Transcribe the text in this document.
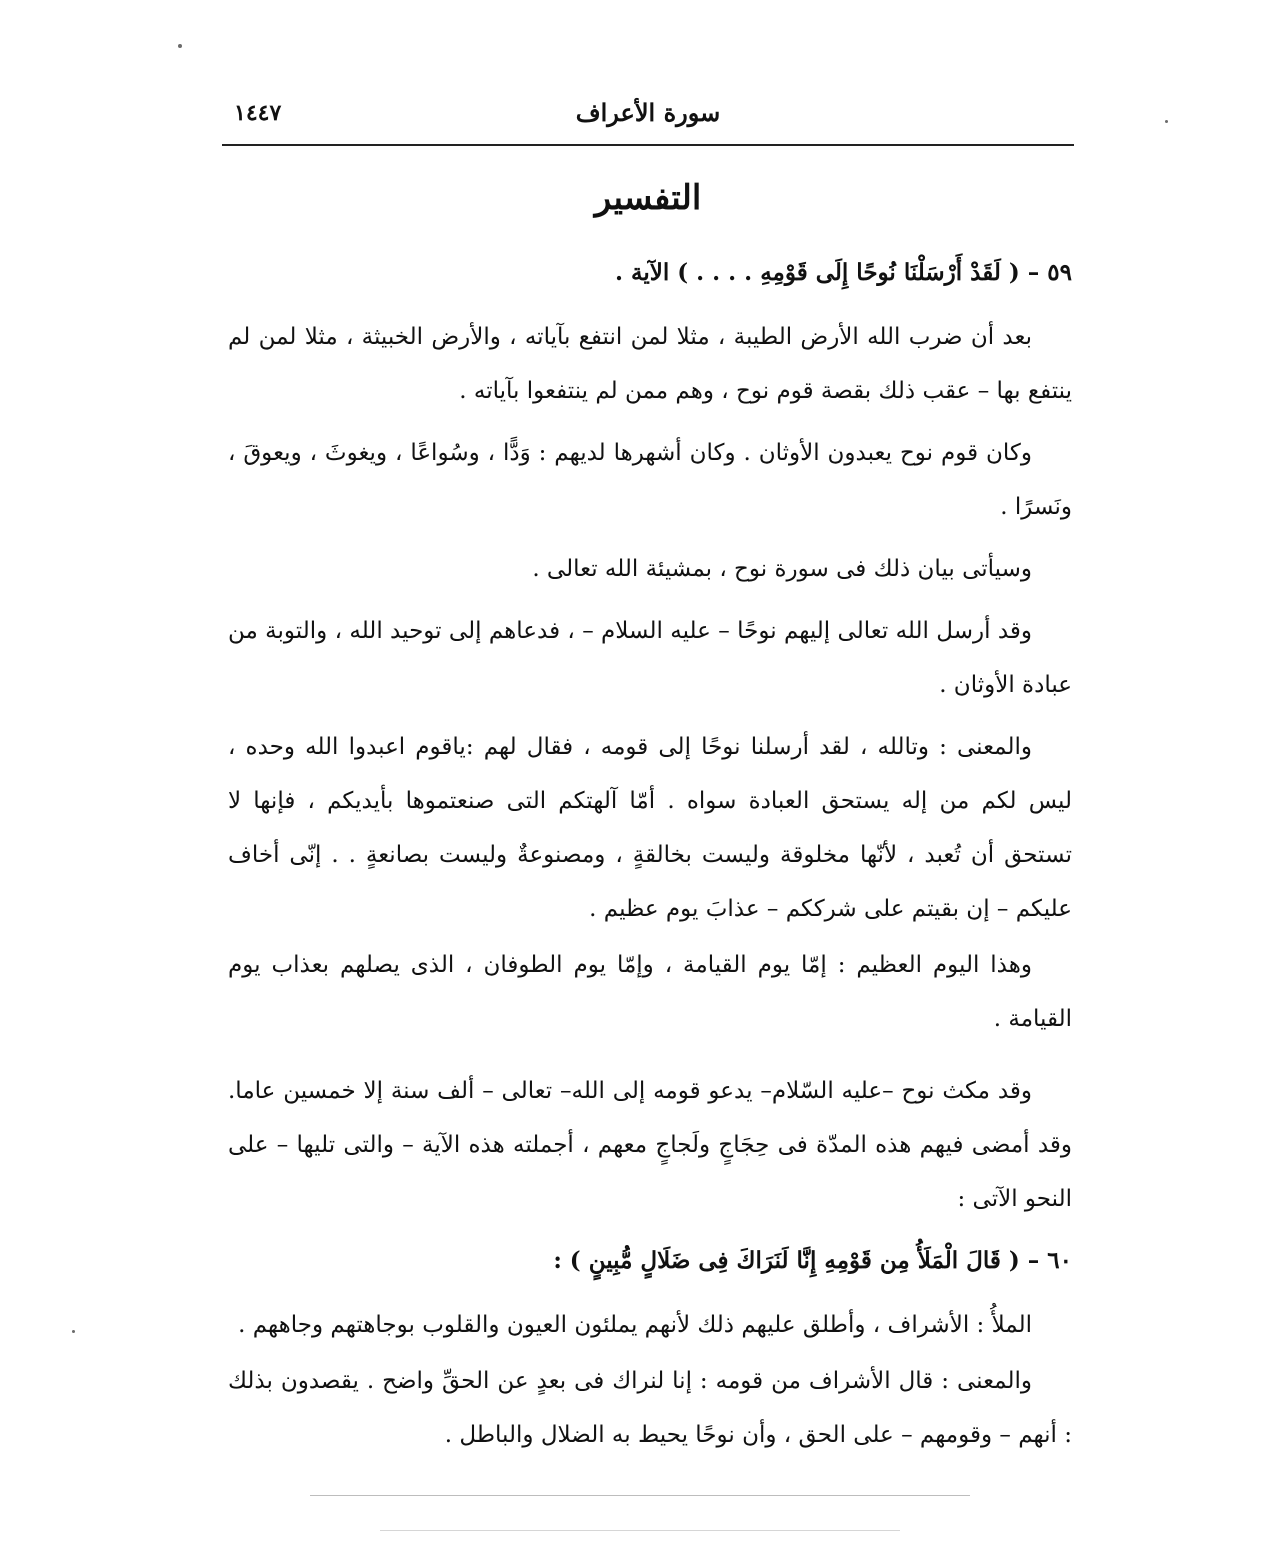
سورة الأعراف
١٤٤٧
التفسير

٥٩ – ( لَقَدْ أَرْسَلْنَا نُوحًا إِلَى قَوْمِهِ . . . . ) الآية .

بعد أن ضرب الله الأرض الطيبة ، مثلا لمن انتفع بآياته ، والأرض الخبيثة ، مثلا لمن لم ينتفع بها – عقب ذلك بقصة قوم نوح ، وهم ممن لم ينتفعوا بآياته .

وكان قوم نوح يعبدون الأوثان . وكان أشهرها لديهم : وَدًّا ، وسُواعًا ، ويغوثَ ، ويعوقَ ، ونَسرًا .

وسيأتى بيان ذلك فى سورة نوح ، بمشيئة الله تعالى .

وقد أرسل الله تعالى إليهم نوحًا – عليه السلام – ، فدعاهم إلى توحيد الله ، والتوبة من عبادة الأوثان .

والمعنى : وتالله ، لقد أرسلنا نوحًا إلى قومه ، فقال لهم :ياقوم اعبدوا الله وحده ، ليس لكم من إله يستحق العبادة سواه . أمّا آلهتكم التى صنعتموها بأيديكم ، فإنها لا تستحق أن تُعبد ، لأنّها مخلوقة وليست بخالقةٍ ، ومصنوعةٌ وليست بصانعةٍ . . إنّى أخاف عليكم – إن بقيتم على شرككم – عذابَ يوم عظيم .

وهذا اليوم العظيم : إمّا يوم القيامة ، وإمّا يوم الطوفان ، الذى يصلهم بعذاب يوم القيامة .

وقد مكث نوح –عليه السّلام– يدعو قومه إلى الله– تعالى – ألف سنة إلا خمسين عاما. وقد أمضى فيهم هذه المدّة فى حِجَاجٍ ولَجاجٍ معهم ، أجملته هذه الآية – والتى تليها – على النحو الآتى :

٦٠ – ( قَالَ الْمَلَأُ مِن قَوْمِهِ إِنَّا لَنَرَاكَ فِى ضَلَالٍ مُّبِينٍ ) :

الملأُ : الأشراف ، وأطلق عليهم ذلك لأنهم يملئون العيون والقلوب بوجاهتهم وجاههم .

والمعنى : قال الأشراف من قومه : إنا لنراك فى بعدٍ عن الحقِّ واضح . يقصدون بذلك : أنهم – وقومهم – على الحق ، وأن نوحًا يحيط به الضلال والباطل .
